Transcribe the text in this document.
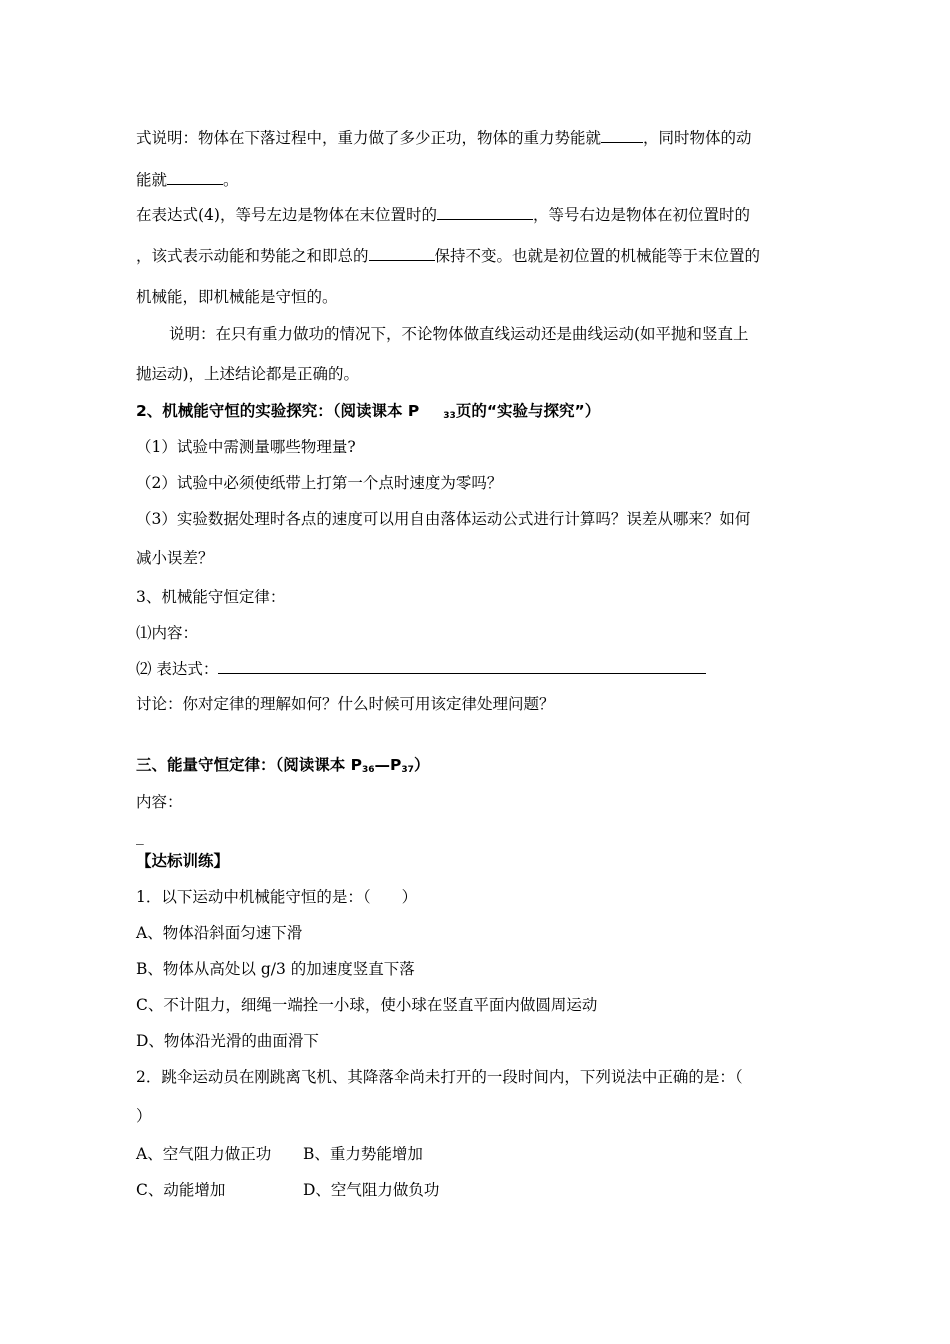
式说明：物体在下落过程中，重力做了多少正功，物体的重力势能就	，同时物体的动
能就	。
在表达式(4)，等号左边是物体在末位置时的	，等号右边是物体在初位置时的
，该式表示动能和势能之和即总的	保持不变。也就是初位置的机械能等于末位置的
机械能，即机械能是守恒的。
说明：在只有重力做功的情况下，不论物体做直线运动还是曲线运动(如平抛和竖直上
抛运动)，上述结论都是正确的。
2、机械能守恒的实验探究：（阅读课本 P	$_{33}$页的“实验与探究”）
（1）试验中需测量哪些物理量?
（2）试验中必须使纸带上打第一个点时速度为零吗？
（3）实验数据处理时各点的速度可以用自由落体运动公式进行计算吗？误差从哪来？如何
减小误差？
3、机械能守恒定律：
⑴内容：
⑵ 表达式：
讨论：你对定律的理解如何？什么时候可用该定律处理问题？
三、能量守恒定律：（阅读课本 $P_{36}—P_{37}$）
内容：
_
【达标训练】
1．以下运动中机械能守恒的是：（　　）
A、物体沿斜面匀速下滑
B、物体从高处以 g/3 的加速度竖直下落
C、不计阻力，细绳一端拴一小球，使小球在竖直平面内做圆周运动
D、物体沿光滑的曲面滑下
2．跳伞运动员在刚跳离飞机、其降落伞尚未打开的一段时间内，下列说法中正确的是：（
）
A、空气阻力做正功 B、重力势能增加
C、动能增加	D、空气阻力做负功
